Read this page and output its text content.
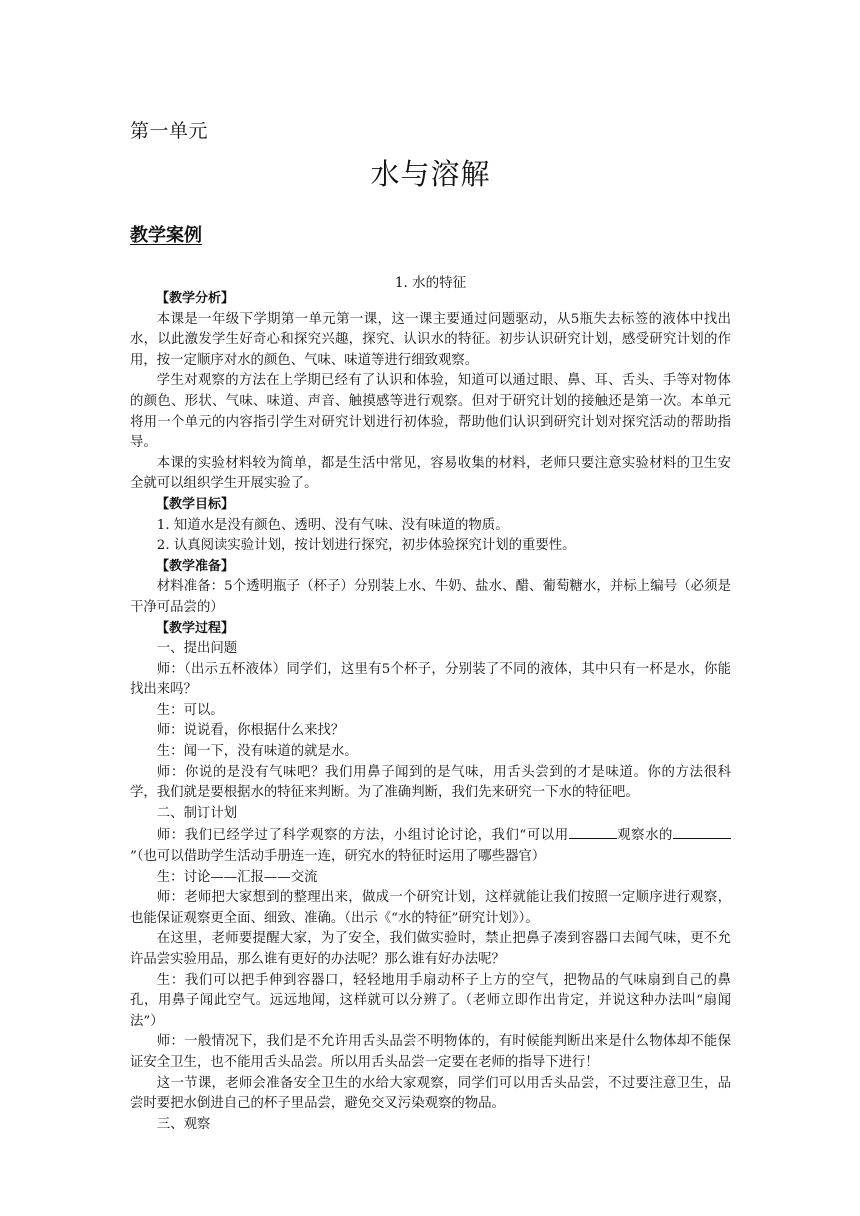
第一单元
水与溶解
教学案例
1. 水的特征

【教学分析】

本课是一年级下学期第一单元第一课，这一课主要通过问题驱动，从5瓶失去标签的液体中找出水，以此激发学生好奇心和探究兴趣，探究、认识水的特征。初步认识研究计划，感受研究计划的作用，按一定顺序对水的颜色、气味、味道等进行细致观察。

学生对观察的方法在上学期已经有了认识和体验，知道可以通过眼、鼻、耳、舌头、手等对物体的颜色、形状、气味、味道、声音、触摸感等进行观察。但对于研究计划的接触还是第一次。本单元将用一个单元的内容指引学生对研究计划进行初体验，帮助他们认识到研究计划对探究活动的帮助指导。

本课的实验材料较为简单，都是生活中常见，容易收集的材料，老师只要注意实验材料的卫生安全就可以组织学生开展实验了。

【教学目标】

1. 知道水是没有颜色、透明、没有气味、没有味道的物质。

2. 认真阅读实验计划，按计划进行探究，初步体验探究计划的重要性。

【教学准备】

材料准备：5个透明瓶子（杯子）分别装上水、牛奶、盐水、醋、葡萄糖水，并标上编号（必须是干净可品尝的）

【教学过程】

一、提出问题

师：（出示五杯液体）同学们，这里有5个杯子，分别装了不同的液体，其中只有一杯是水，你能找出来吗？

生：可以。

师：说说看，你根据什么来找？

生：闻一下，没有味道的就是水。

师：你说的是没有气味吧？我们用鼻子闻到的是气味，用舌头尝到的才是味道。你的方法很科学，我们就是要根据水的特征来判断。为了准确判断，我们先来研究一下水的特征吧。

二、制订计划

师：我们已经学过了科学观察的方法，小组讨论讨论，我们“可以用	观察水的”（也可以借助学生活动手册连一连，研究水的特征时运用了哪些器官）

生：讨论——汇报——交流

师：老师把大家想到的整理出来，做成一个研究计划，这样就能让我们按照一定顺序进行观察，也能保证观察更全面、细致、准确。（出示《“水的特征”研究计划》）。

在这里，老师要提醒大家，为了安全，我们做实验时，禁止把鼻子凑到容器口去闻气味，更不允许品尝实验用品，那么谁有更好的办法呢？那么谁有好办法呢？

生：我们可以把手伸到容器口，轻轻地用手扇动杯子上方的空气，把物品的气味扇到自己的鼻孔，用鼻子闻此空气。远远地闻，这样就可以分辨了。（老师立即作出肯定，并说这种办法叫“扇闻法”）

师：一般情况下，我们是不允许用舌头品尝不明物体的，有时候能判断出来是什么物体却不能保证安全卫生，也不能用舌头品尝。所以用舌头品尝一定要在老师的指导下进行！

这一节课，老师会准备安全卫生的水给大家观察，同学们可以用舌头品尝，不过要注意卫生，品尝时要把水倒进自己的杯子里品尝，避免交叉污染观察的物品。

三、观察
